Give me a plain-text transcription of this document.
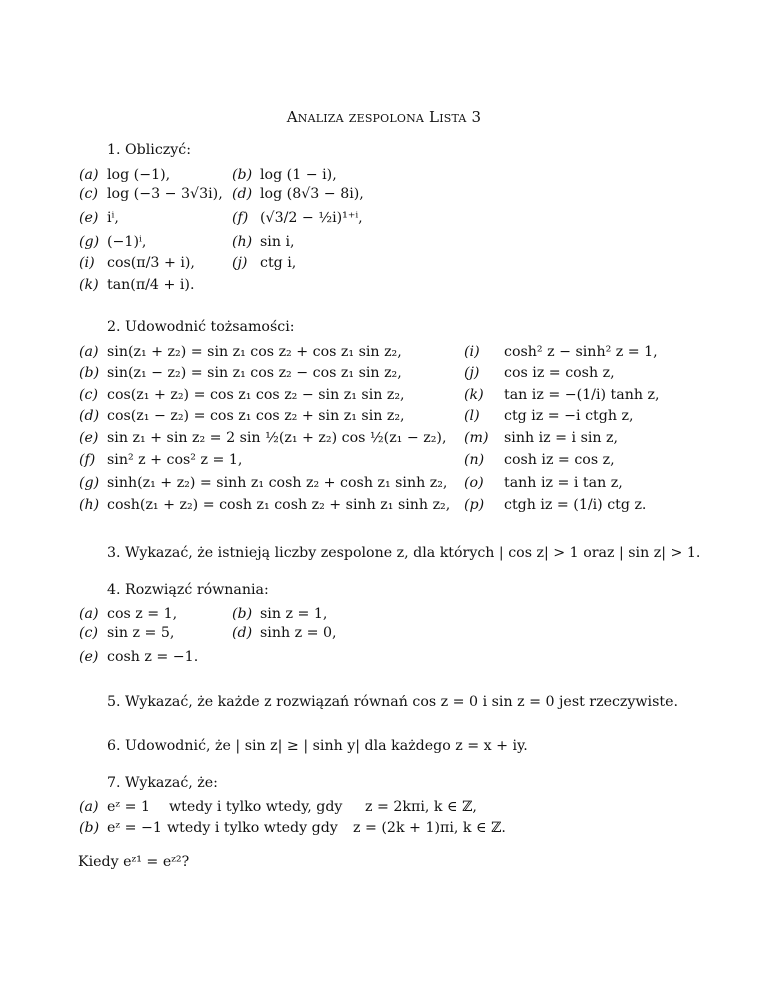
Analiza zespolona Lista 3
1. Obliczyć:
(a) log (−1),	(b) log (1 − i),
(c) log (−3 − 3√3i), (d) log (8√3 − 8i),
(e) iⁱ,	(f) (√3/2 − ½i)¹⁺ⁱ,
(g) (−1)ⁱ,	(h) sin i,
(i) cos(π/3 + i),	(j) ctg i,
(k) tan(π/4 + i).
2. Udowodnić tożsamości:
(a) sin(z₁ + z₂) = sin z₁ cos z₂ + cos z₁ sin z₂,	(i)	cosh² z − sinh² z = 1,
(b) sin(z₁ − z₂) = sin z₁ cos z₂ − cos z₁ sin z₂,	(j)	cos iz = cosh z,
(c) cos(z₁ + z₂) = cos z₁ cos z₂ − sin z₁ sin z₂,	(k)	tan iz = −(1/i) tanh z,
(d) cos(z₁ − z₂) = cos z₁ cos z₂ + sin z₁ sin z₂,	(l)	ctg iz = −i ctgh z,
(e) sin z₁ + sin z₂ = 2 sin ½(z₁ + z₂) cos ½(z₁ − z₂), (m)	sinh iz = i sin z,
(f) sin² z + cos² z = 1,	(n)	cosh iz = cos z,
(g) sinh(z₁ + z₂) = sinh z₁ cosh z₂ + cosh z₁ sinh z₂, (o)	tanh iz = i tan z,
(h) cosh(z₁ + z₂) = cosh z₁ cosh z₂ + sinh z₁ sinh z₂, (p)	ctgh iz = (1/i) ctg z.
3. Wykazać, że istnieją liczby zespolone z, dla których | cos z| > 1 oraz | sin z| > 1.
4. Rozwiązć równania:
(a) cos z = 1,	(b) sin z = 1,
(c) sin z = 5,	(d) sinh z = 0,
(e) cosh z = −1.
5. Wykazać, że każde z rozwiązań równań cos z = 0 i sin z = 0 jest rzeczywiste.
6. Udowodnić, że | sin z| ≥ | sinh y| dla każdego z = x + iy.
7. Wykazać, że:
(a) eᶻ = 1	wtedy i tylko wtedy, gdy	z = 2kπi, k ∈ ℤ,
(b) eᶻ = −1 wtedy i tylko wtedy gdy	z = (2k + 1)πi, k ∈ ℤ.
Kiedy eᶻ¹ = eᶻ²?
